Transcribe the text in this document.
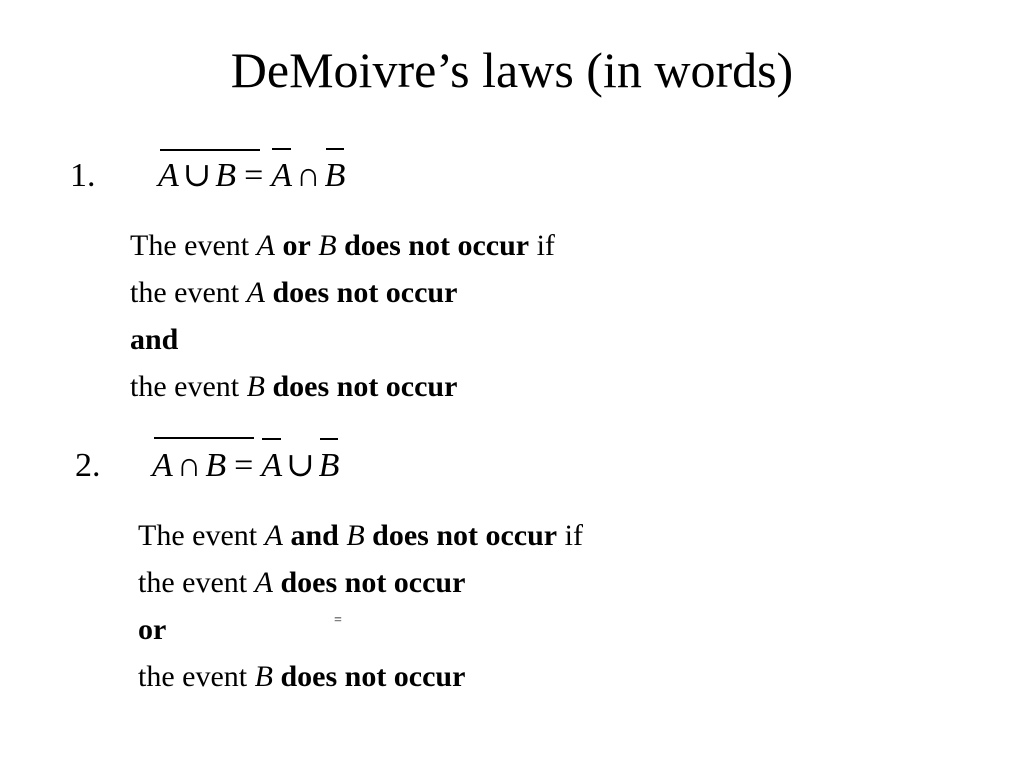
DeMoivre’s laws (in words)
1. A ∪ B = A ∩ B
The event A or B does not occur if
the event A does not occur
and
the event B does not occur
2. A ∩ B = A ∪ B
The event A and B does not occur if
the event A does not occur
or
the event B does not occur
=
